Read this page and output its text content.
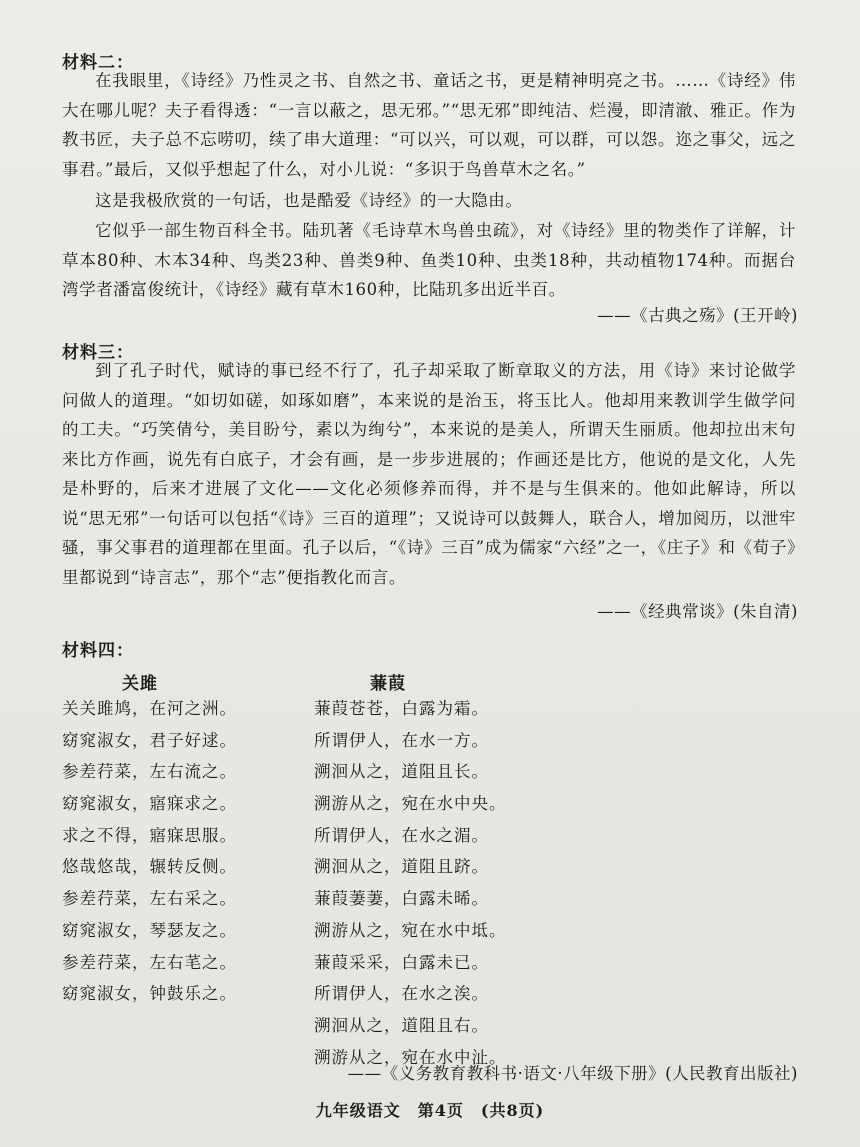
材料二：

在我眼里，《诗经》乃性灵之书、自然之书、童话之书，更是精神明亮之书。……《诗经》伟大在哪儿呢？夫子看得透：“一言以蔽之，思无邪。”“思无邪”即纯洁、烂漫，即清澈、雅正。作为教书匠，夫子总不忘唠叨，续了串大道理：“可以兴，可以观，可以群，可以怨。迩之事父，远之事君。”最后，又似乎想起了什么，对小儿说：“多识于鸟兽草木之名。”

这是我极欣赏的一句话，也是酷爱《诗经》的一大隐由。

它似乎一部生物百科全书。陆玑著《毛诗草木鸟兽虫疏》，对《诗经》里的物类作了详解，计草本80种、木本34种、鸟类23种、兽类9种、鱼类10种、虫类18种，共动植物174种。而据台湾学者潘富俊统计，《诗经》藏有草木160种，比陆玑多出近半百。

——《古典之殇》(王开岭)
材料三：

到了孔子时代，赋诗的事已经不行了，孔子却采取了断章取义的方法，用《诗》来讨论做学问做人的道理。“如切如磋，如琢如磨”，本来说的是治玉，将玉比人。他却用来教训学生做学问的工夫。“巧笑倩兮，美目盼兮，素以为绚兮”，本来说的是美人，所谓天生丽质。他却拉出末句来比方作画，说先有白底子，才会有画，是一步步进展的；作画还是比方，他说的是文化，人先是朴野的，后来才进展了文化——文化必须修养而得，并不是与生俱来的。他如此解诗，所以说“思无邪”一句话可以包括“《诗》三百的道理”；又说诗可以鼓舞人，联合人，增加阅历，以泄牢骚，事父事君的道理都在里面。孔子以后，“《诗》三百”成为儒家“六经”之一，《庄子》和《荀子》里都说到“诗言志”，那个“志”便指教化而言。

——《经典常谈》(朱自清)
材料四：
关雎
关关雎鸠，在河之洲。
窈窕淑女，君子好逑。
参差荇菜，左右流之。
窈窕淑女，寤寐求之。
求之不得，寤寐思服。
悠哉悠哉，辗转反侧。
参差荇菜，左右采之。
窈窕淑女，琴瑟友之。
参差荇菜，左右芼之。
窈窕淑女，钟鼓乐之。
蒹葭
蒹葭苍苍，白露为霜。
所谓伊人，在水一方。
溯洄从之，道阻且长。
溯游从之，宛在水中央。
所谓伊人，在水之湄。
溯洄从之，道阻且跻。
蒹葭萋萋，白露未晞。
溯游从之，宛在水中坻。
蒹葭采采，白露未已。
所谓伊人，在水之涘。
溯洄从之，道阻且右。
溯游从之，宛在水中沚。
——《义务教育教科书·语文·八年级下册》(人民教育出版社)
九年级语文　第4页　(共8页)
